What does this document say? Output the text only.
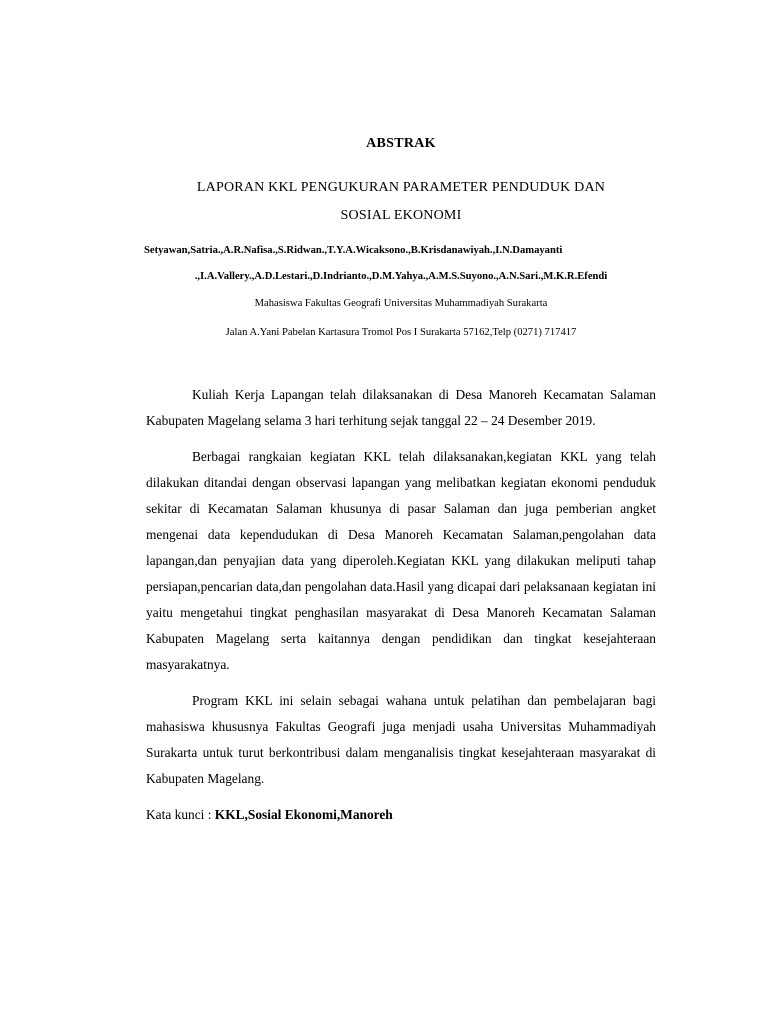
ABSTRAK
LAPORAN KKL PENGUKURAN PARAMETER PENDUDUK DAN
SOSIAL EKONOMI
Setyawan,Satria.,A.R.Nafisa.,S.Ridwan.,T.Y.A.Wicaksono.,B.Krisdanawiyah.,I.N.Damayanti
.,I.A.Vallery.,A.D.Lestari.,D.Indrianto.,D.M.Yahya.,A.M.S.Suyono.,A.N.Sari.,M.K.R.Efendi
Mahasiswa Fakultas Geografi Universitas Muhammadiyah Surakarta
Jalan A.Yani Pabelan Kartasura Tromol Pos I Surakarta 57162,Telp (0271) 717417

Kuliah Kerja Lapangan telah dilaksanakan di Desa Manoreh Kecamatan Salaman Kabupaten Magelang selama 3 hari terhitung sejak tanggal 22 – 24 Desember 2019.

Berbagai rangkaian kegiatan KKL telah dilaksanakan,kegiatan KKL yang telah dilakukan ditandai dengan observasi lapangan yang melibatkan kegiatan ekonomi penduduk sekitar di Kecamatan Salaman khusunya di pasar Salaman dan juga pemberian angket mengenai data kependudukan di Desa Manoreh Kecamatan Salaman,pengolahan data lapangan,dan penyajian data yang diperoleh.Kegiatan KKL yang dilakukan meliputi tahap persiapan,pencarian data,dan pengolahan data.Hasil yang dicapai dari pelaksanaan kegiatan ini yaitu mengetahui tingkat penghasilan masyarakat di Desa Manoreh Kecamatan Salaman Kabupaten Magelang serta kaitannya dengan pendidikan dan tingkat kesejahteraan masyarakatnya.

Program KKL ini selain sebagai wahana untuk pelatihan dan pembelajaran bagi mahasiswa khususnya Fakultas Geografi juga menjadi usaha Universitas Muhammadiyah Surakarta untuk turut berkontribusi dalam menganalisis tingkat kesejahteraan masyarakat di Kabupaten Magelang.

Kata kunci : KKL,Sosial Ekonomi,Manoreh
